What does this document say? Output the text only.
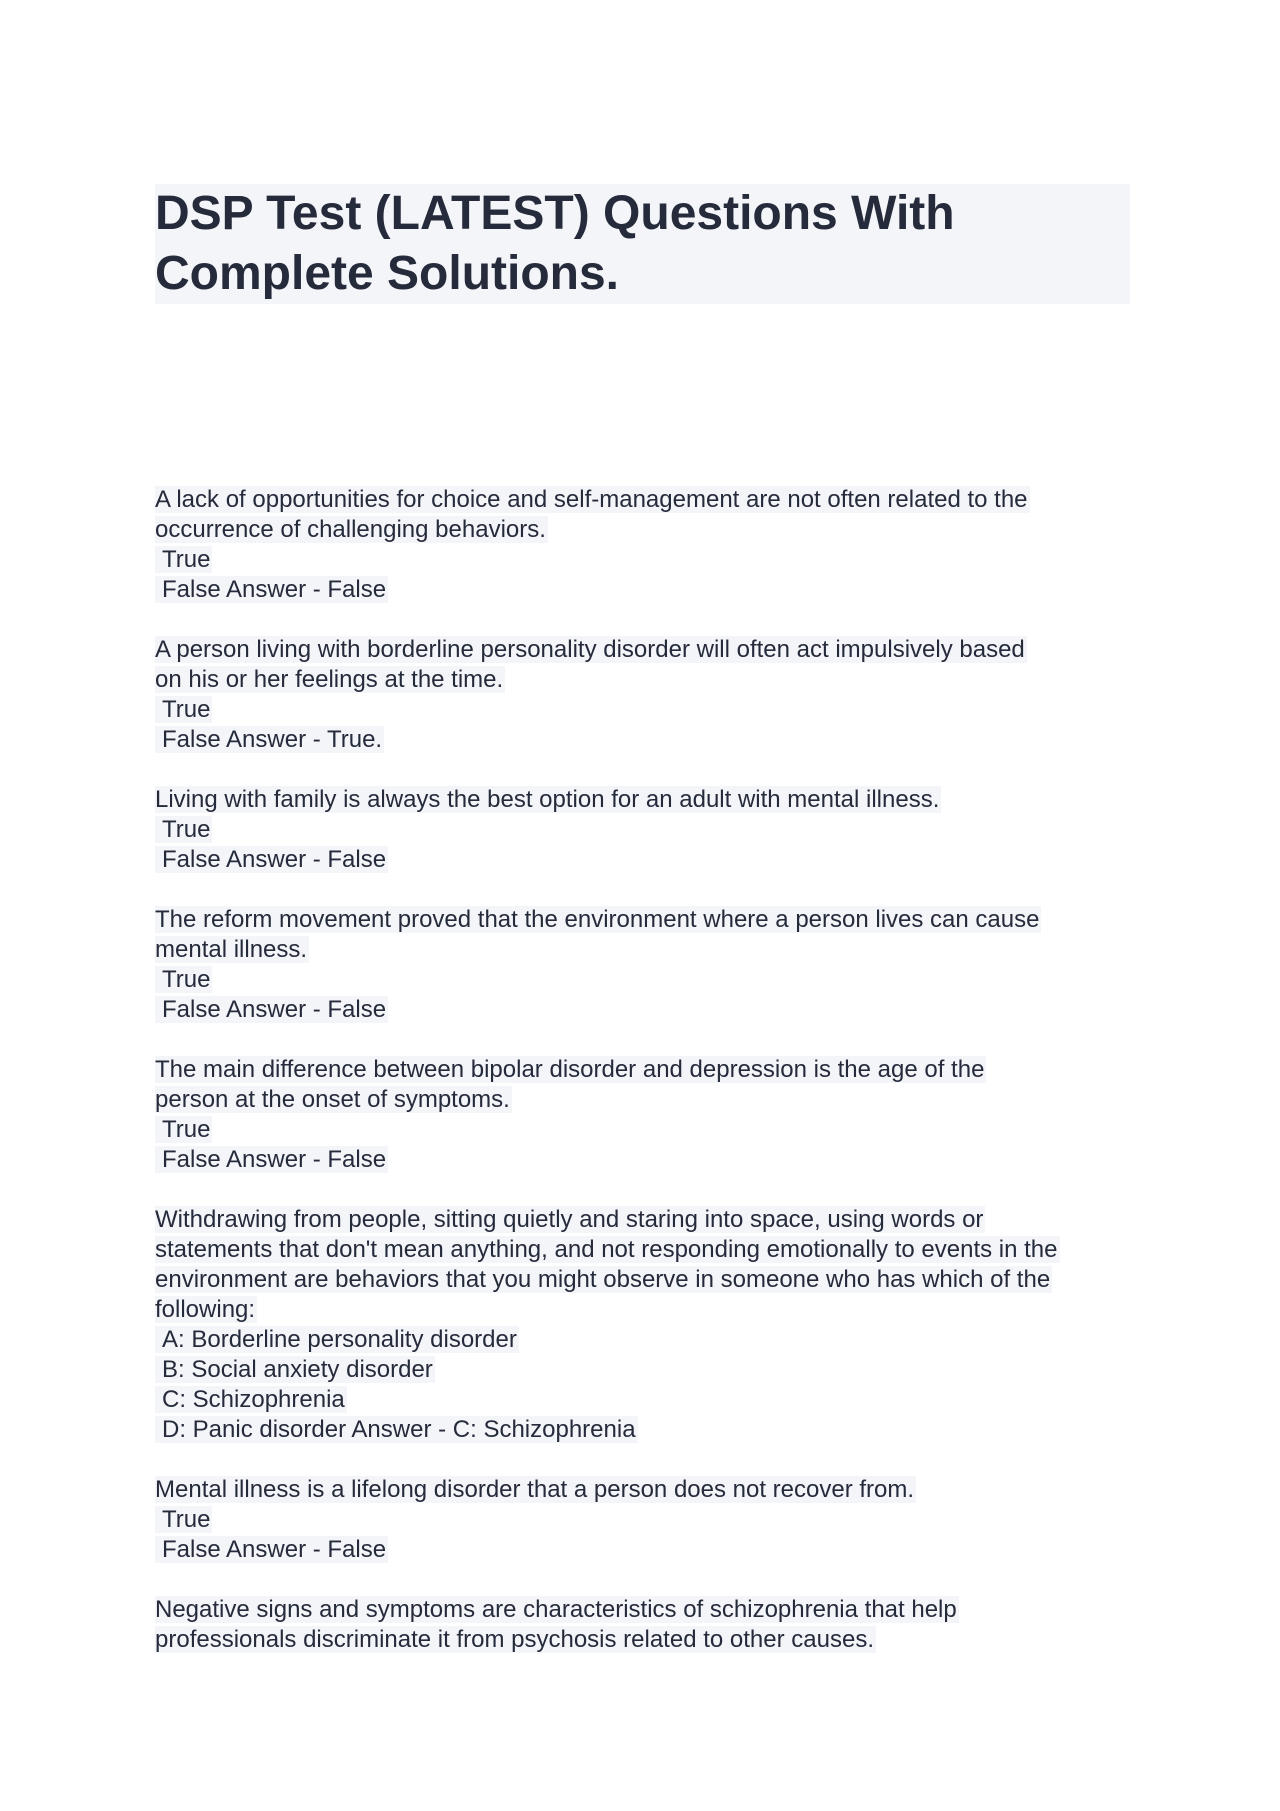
DSP Test (LATEST) Questions With
Complete Solutions.
A lack of opportunities for choice and self-management are not often related to the
occurrence of challenging behaviors.
True
False Answer - False
A person living with borderline personality disorder will often act impulsively based
on his or her feelings at the time.
True
False Answer - True.
Living with family is always the best option for an adult with mental illness.
True
False Answer - False
The reform movement proved that the environment where a person lives can cause
mental illness.
True
False Answer - False
The main difference between bipolar disorder and depression is the age of the
person at the onset of symptoms.
True
False Answer - False
Withdrawing from people, sitting quietly and staring into space, using words or
statements that don't mean anything, and not responding emotionally to events in the
environment are behaviors that you might observe in someone who has which of the
following:
A: Borderline personality disorder
B: Social anxiety disorder
C: Schizophrenia
D: Panic disorder Answer - C: Schizophrenia
Mental illness is a lifelong disorder that a person does not recover from.
True
False Answer - False
Negative signs and symptoms are characteristics of schizophrenia that help
professionals discriminate it from psychosis related to other causes.
